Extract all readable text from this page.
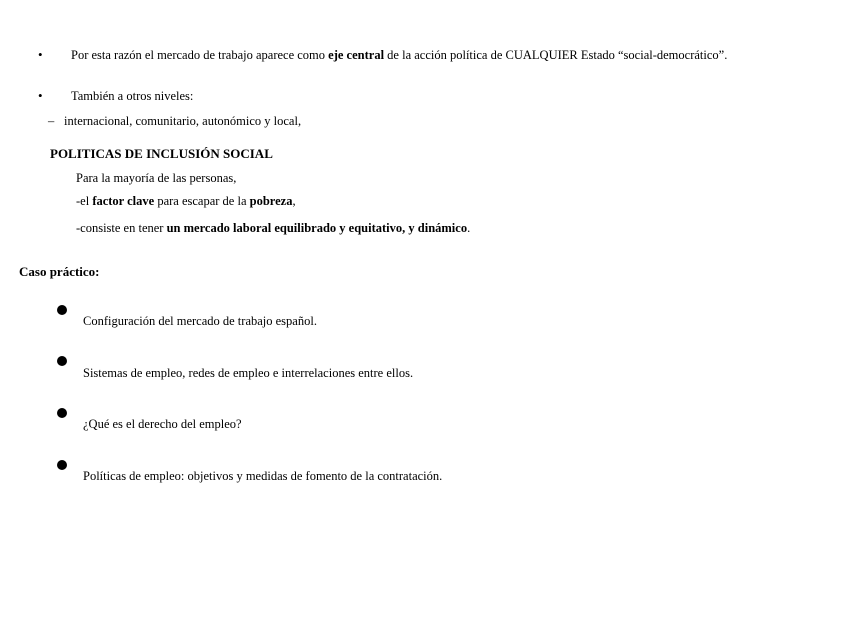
• Por esta razón el mercado de trabajo aparece como eje central de la acción política de CUALQUIER Estado “social-democrático”.
• También a otros niveles:
– internacional, comunitario, autonómico y local,
POLITICAS DE INCLUSIÓN SOCIAL
Para la mayoría de las personas,
-el factor clave para escapar de la pobreza,
-consiste en tener un mercado laboral equilibrado y equitativo, y dinámico.
Caso práctico:
Configuración del mercado de trabajo español.
Sistemas de empleo, redes de empleo e interrelaciones entre ellos.
¿Qué es el derecho del empleo?
Políticas de empleo: objetivos y medidas de fomento de la contratación.
